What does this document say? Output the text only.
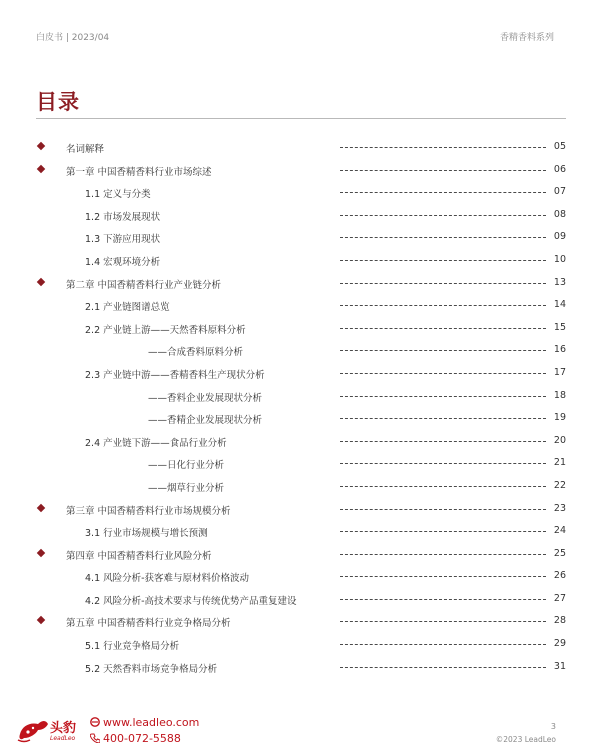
白皮书 | 2023/04	香精香料系列
目录
名词解释	05
第一章 中国香精香料行业市场综述	06
1.1 定义与分类	07
1.2 市场发展现状	08
1.3 下游应用现状	09
1.4 宏观环境分析	10
第二章 中国香精香料行业产业链分析	13
2.1 产业链图谱总览	14
2.2 产业链上游——天然香料原料分析	15
——合成香料原料分析	16
2.3 产业链中游——香精香料生产现状分析	17
——香料企业发展现状分析	18
——香精企业发展现状分析	19
2.4 产业链下游——食品行业分析	20
——日化行业分析	21
——烟草行业分析	22
第三章 中国香精香料行业市场规模分析	23
3.1 行业市场规模与增长预测	24
第四章 中国香精香料行业风险分析	25
4.1 风险分析-获客难与原材料价格波动	26
4.2 风险分析-高技术要求与传统优势产品重复建设	27
第五章 中国香精香料行业竞争格局分析	28
5.1 行业竞争格局分析	29
5.2 天然香料市场竞争格局分析	31
头豹
LeadLeo
www.leadleo.com
400-072-5588
3
©2023 LeadLeo
